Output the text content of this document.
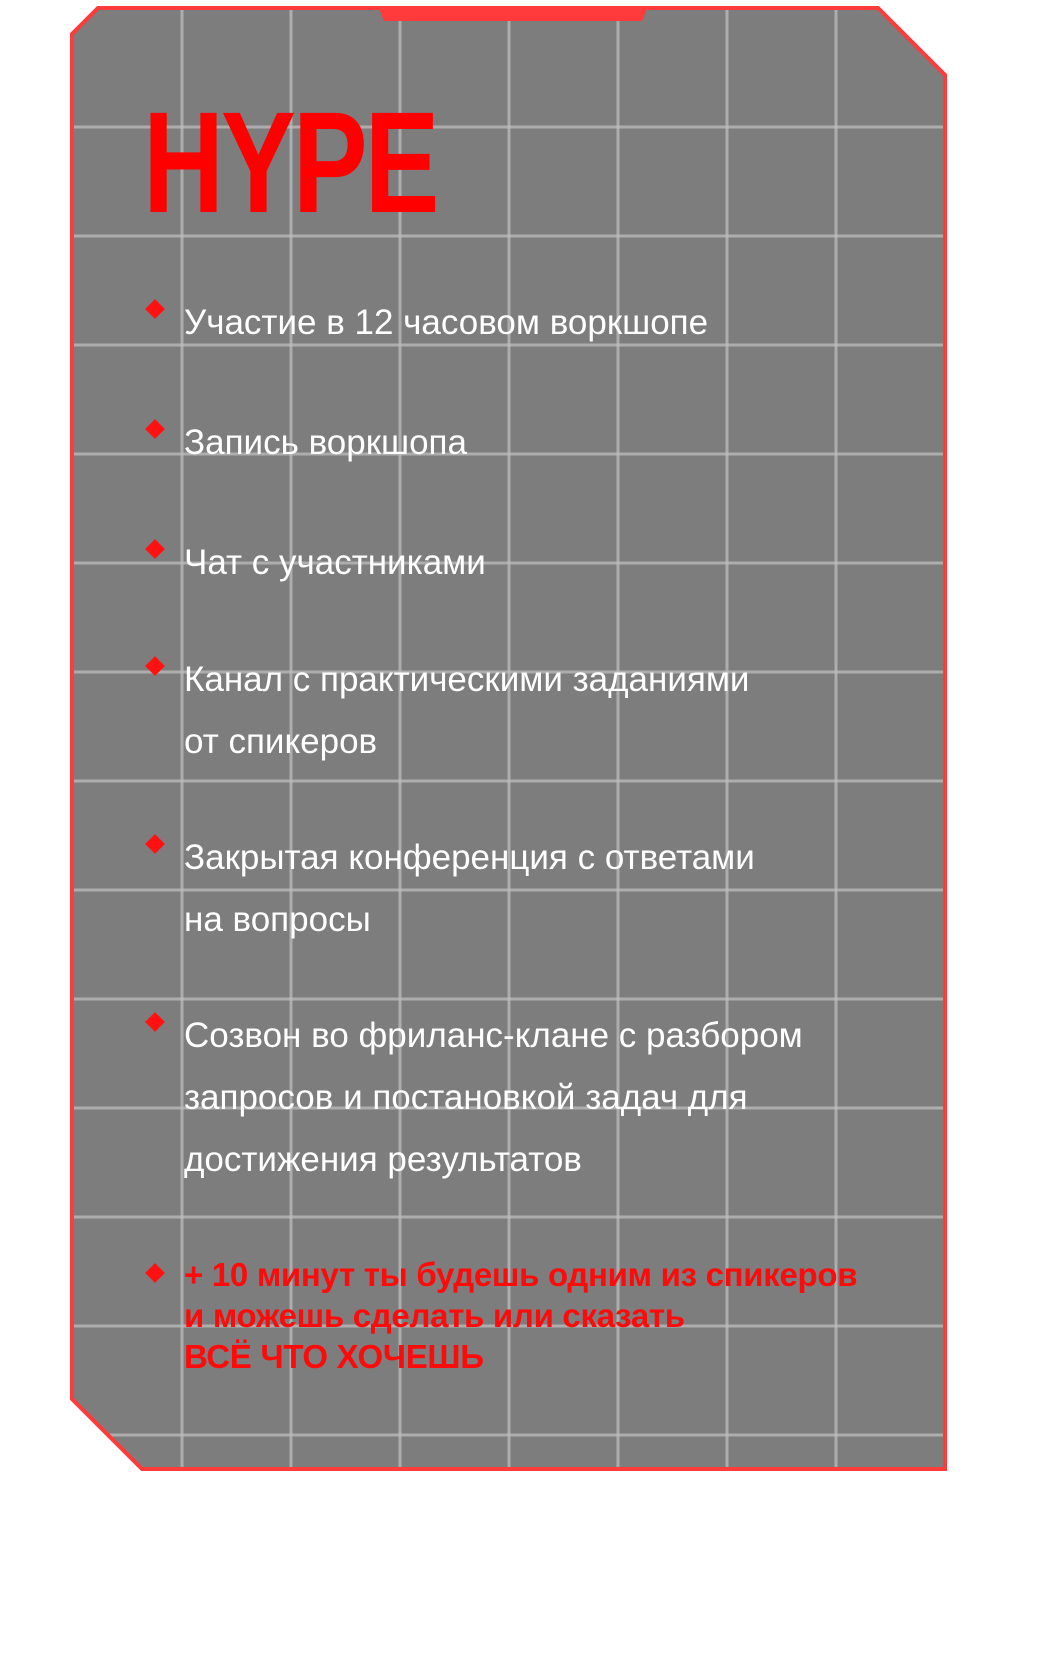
HYPE
Участие в 12 часовом воркшопе
Запись воркшопа
Чат с участниками
Канал с практическими заданиями
от спикеров
Закрытая конференция с ответами
на вопросы
Созвон во фриланс-клане с разбором
запросов и постановкой задач для
достижения результатов
+ 10 минут ты будешь одним из спикеров
и можешь сделать или сказать
ВСЁ ЧТО ХОЧЕШЬ
